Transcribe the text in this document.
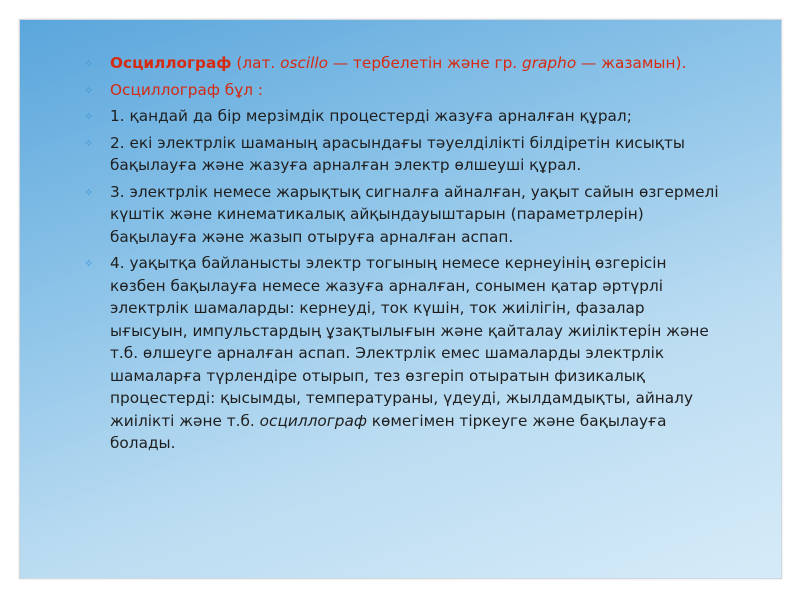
✧ Осциллограф (лат. oscillo — тербелетін және гр. grapho — жазамын).
✧ Осциллограф бұл :
✧ 1. қандай да бір мерзімдік процестерді жазуға арналған құрал;
✧ 2. екі электрлік шаманың арасындағы тәуелділікті білдіретін кисықты бақылауға және жазуға арналған электр өлшеуші құрал.
✧ 3. электрлік немесе жарықтық сигналға айналған, уақыт сайын өзгермелі күштік және кинематикалық айқындауыштарын (параметрлерін) бақылауға және жазып отыруға арналған аспап.
✧ 4. уақытқа байланысты электр тогының немесе кернеуінің өзгерісін көзбен бақылауға немесе жазуға арналған, сонымен қатар әртүрлі электрлік шамаларды: кернеуді, ток күшін, ток жиілігін, фазалар ығысуын, импульстардың ұзақтылығын және қайталау жиіліктерін және т.б. өлшеуге арналған аспап. Электрлік емес шамаларды электрлік шамаларға түрлендіре отырып, тез өзгеріп отыратын физикалық процестерді: қысымды, температураны, үдеуді, жылдамдықты, айналу жиілікті және т.б. осциллограф көмегімен тіркеуге және бақылауға болады.
